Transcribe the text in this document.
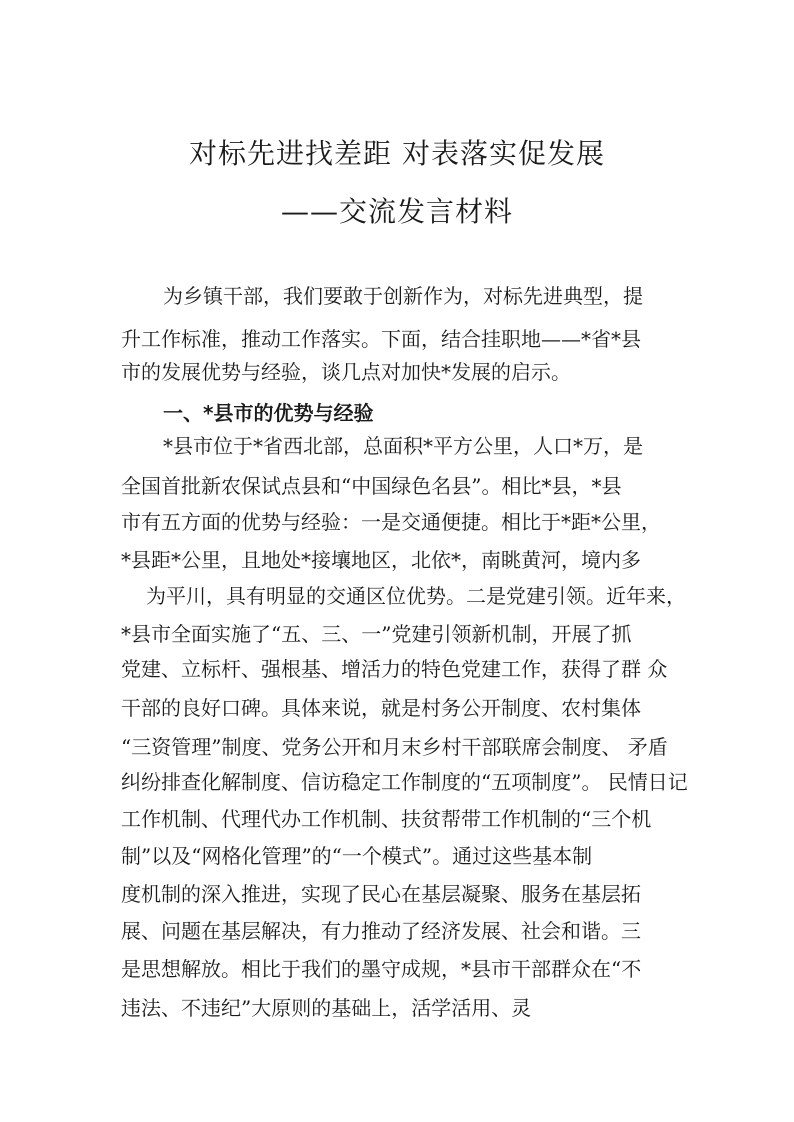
对标先进找差距 对表落实促发展
——交流发言材料
为乡镇干部，我们要敢于创新作为，对标先进典型，提
升工作标准，推动工作落实。下面，结合挂职地——*省*县
市的发展优势与经验，谈几点对加快*发展的启示。
一、*县市的优势与经验
*县市位于*省西北部，总面积*平方公里，人口*万，是
全国首批新农保试点县和“中国绿色名县”。相比*县，*县
市有五方面的优势与经验：一是交通便捷。相比于*距*公里，
*县距*公里，且地处*接壤地区，北依*，南眺黄河，境内多
为平川，具有明显的交通区位优势。二是党建引领。近年来，
*县市全面实施了“五、三、一”党建引领新机制，开展了抓
党建、立标杆、强根基、增活力的特色党建工作，获得了群 众
干部的良好口碑。具体来说，就是村务公开制度、农村集体
“三资管理”制度、党务公开和月末乡村干部联席会制度、 矛盾
纠纷排查化解制度、信访稳定工作制度的“五项制度”。 民情日记
工作机制、代理代办工作机制、扶贫帮带工作机制的“三个机
制”以及“网格化管理”的“一个模式”。通过这些基本制
度机制的深入推进，实现了民心在基层凝聚、服务在基层拓
展、问题在基层解决，有力推动了经济发展、社会和谐。三
是思想解放。相比于我们的墨守成规，*县市干部群众在“不
违法、不违纪”大原则的基础上，活学活用、灵
